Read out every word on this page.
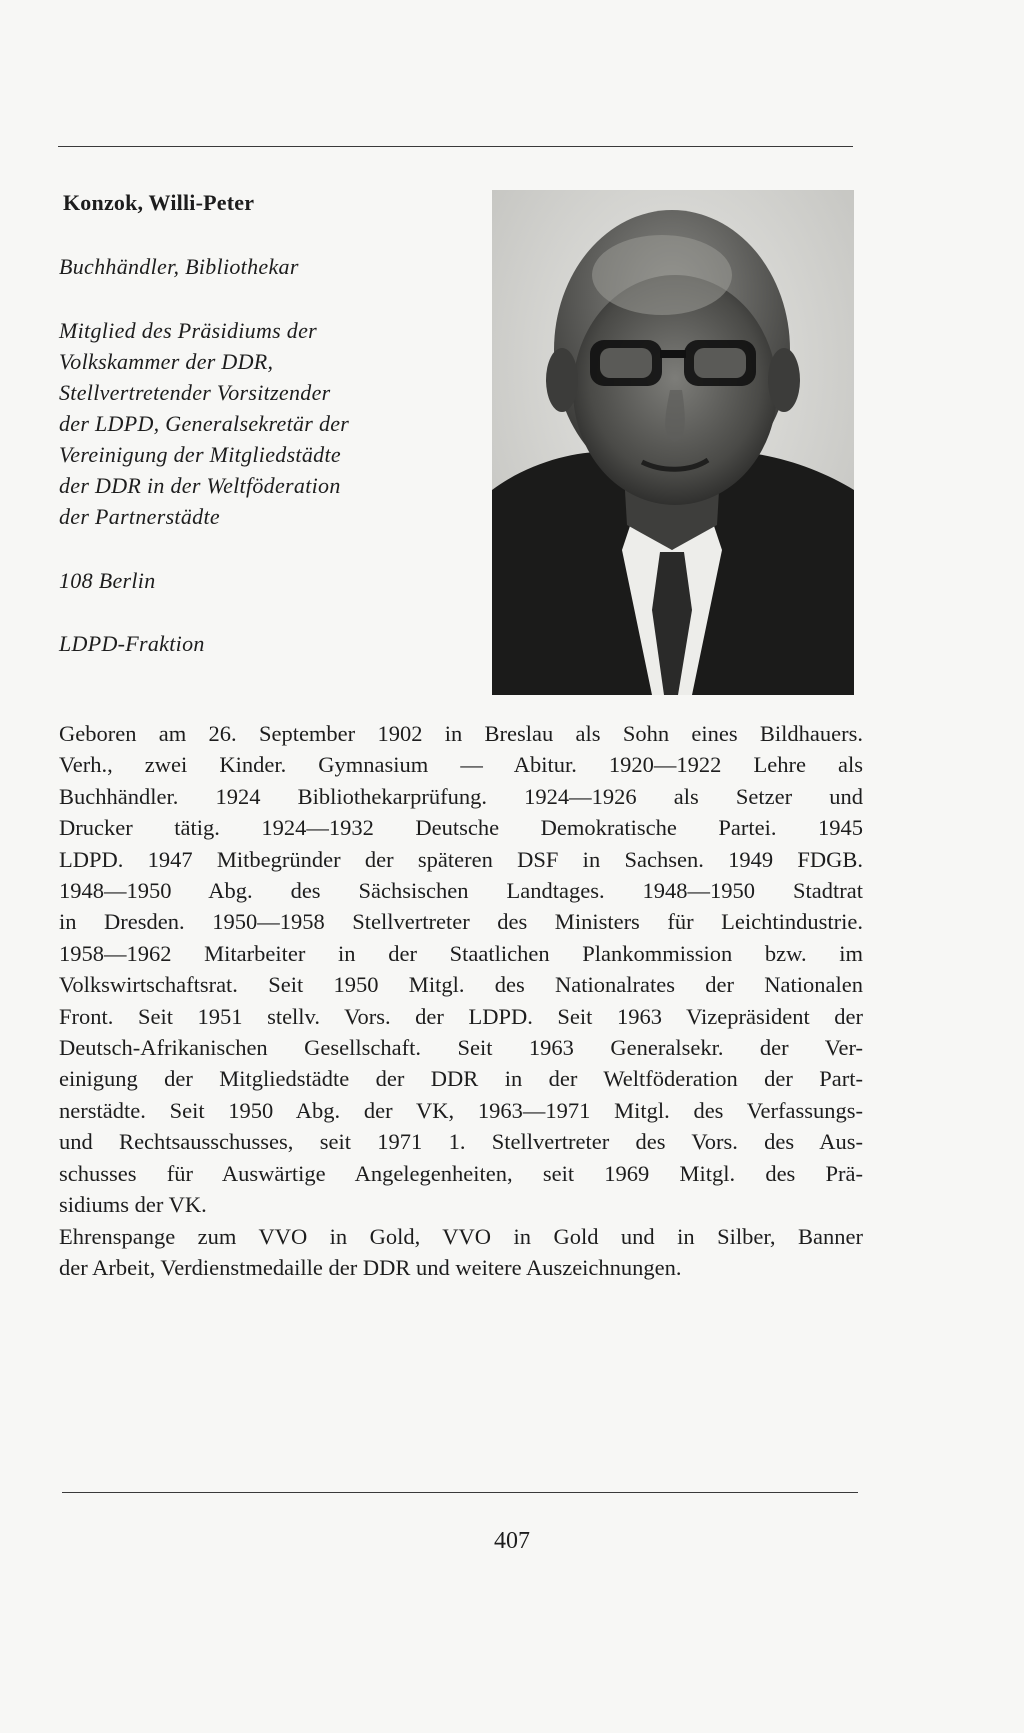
Konzok, Willi-Peter
Buchhändler, Bibliothekar
Mitglied des Präsidiums der
Volkskammer der DDR,
Stellvertretender Vorsitzender
der LDPD, Generalsekretär der
Vereinigung der Mitgliedstädte
der DDR in der Weltföderation
der Partnerstädte
108 Berlin
LDPD-Fraktion
Geboren am 26. September 1902 in Breslau als Sohn eines Bildhauers.
Verh., zwei Kinder. Gymnasium — Abitur. 1920—1922 Lehre als
Buchhändler. 1924 Bibliothekarprüfung. 1924—1926 als Setzer und
Drucker tätig. 1924—1932 Deutsche Demokratische Partei. 1945
LDPD. 1947 Mitbegründer der späteren DSF in Sachsen. 1949 FDGB.
1948—1950 Abg. des Sächsischen Landtages. 1948—1950 Stadtrat
in Dresden. 1950—1958 Stellvertreter des Ministers für Leichtindustrie.
1958—1962 Mitarbeiter in der Staatlichen Plankommission bzw. im
Volkswirtschaftsrat. Seit 1950 Mitgl. des Nationalrates der Nationalen
Front. Seit 1951 stellv. Vors. der LDPD. Seit 1963 Vizepräsident der
Deutsch-Afrikanischen Gesellschaft. Seit 1963 Generalsekr. der Ver-
einigung der Mitgliedstädte der DDR in der Weltföderation der Part-
nerstädte. Seit 1950 Abg. der VK, 1963—1971 Mitgl. des Verfassungs-
und Rechtsausschusses, seit 1971 1. Stellvertreter des Vors. des Aus-
schusses für Auswärtige Angelegenheiten, seit 1969 Mitgl. des Prä-
sidiums der VK.
Ehrenspange zum VVO in Gold, VVO in Gold und in Silber, Banner
der Arbeit, Verdienstmedaille der DDR und weitere Auszeichnungen.
407
